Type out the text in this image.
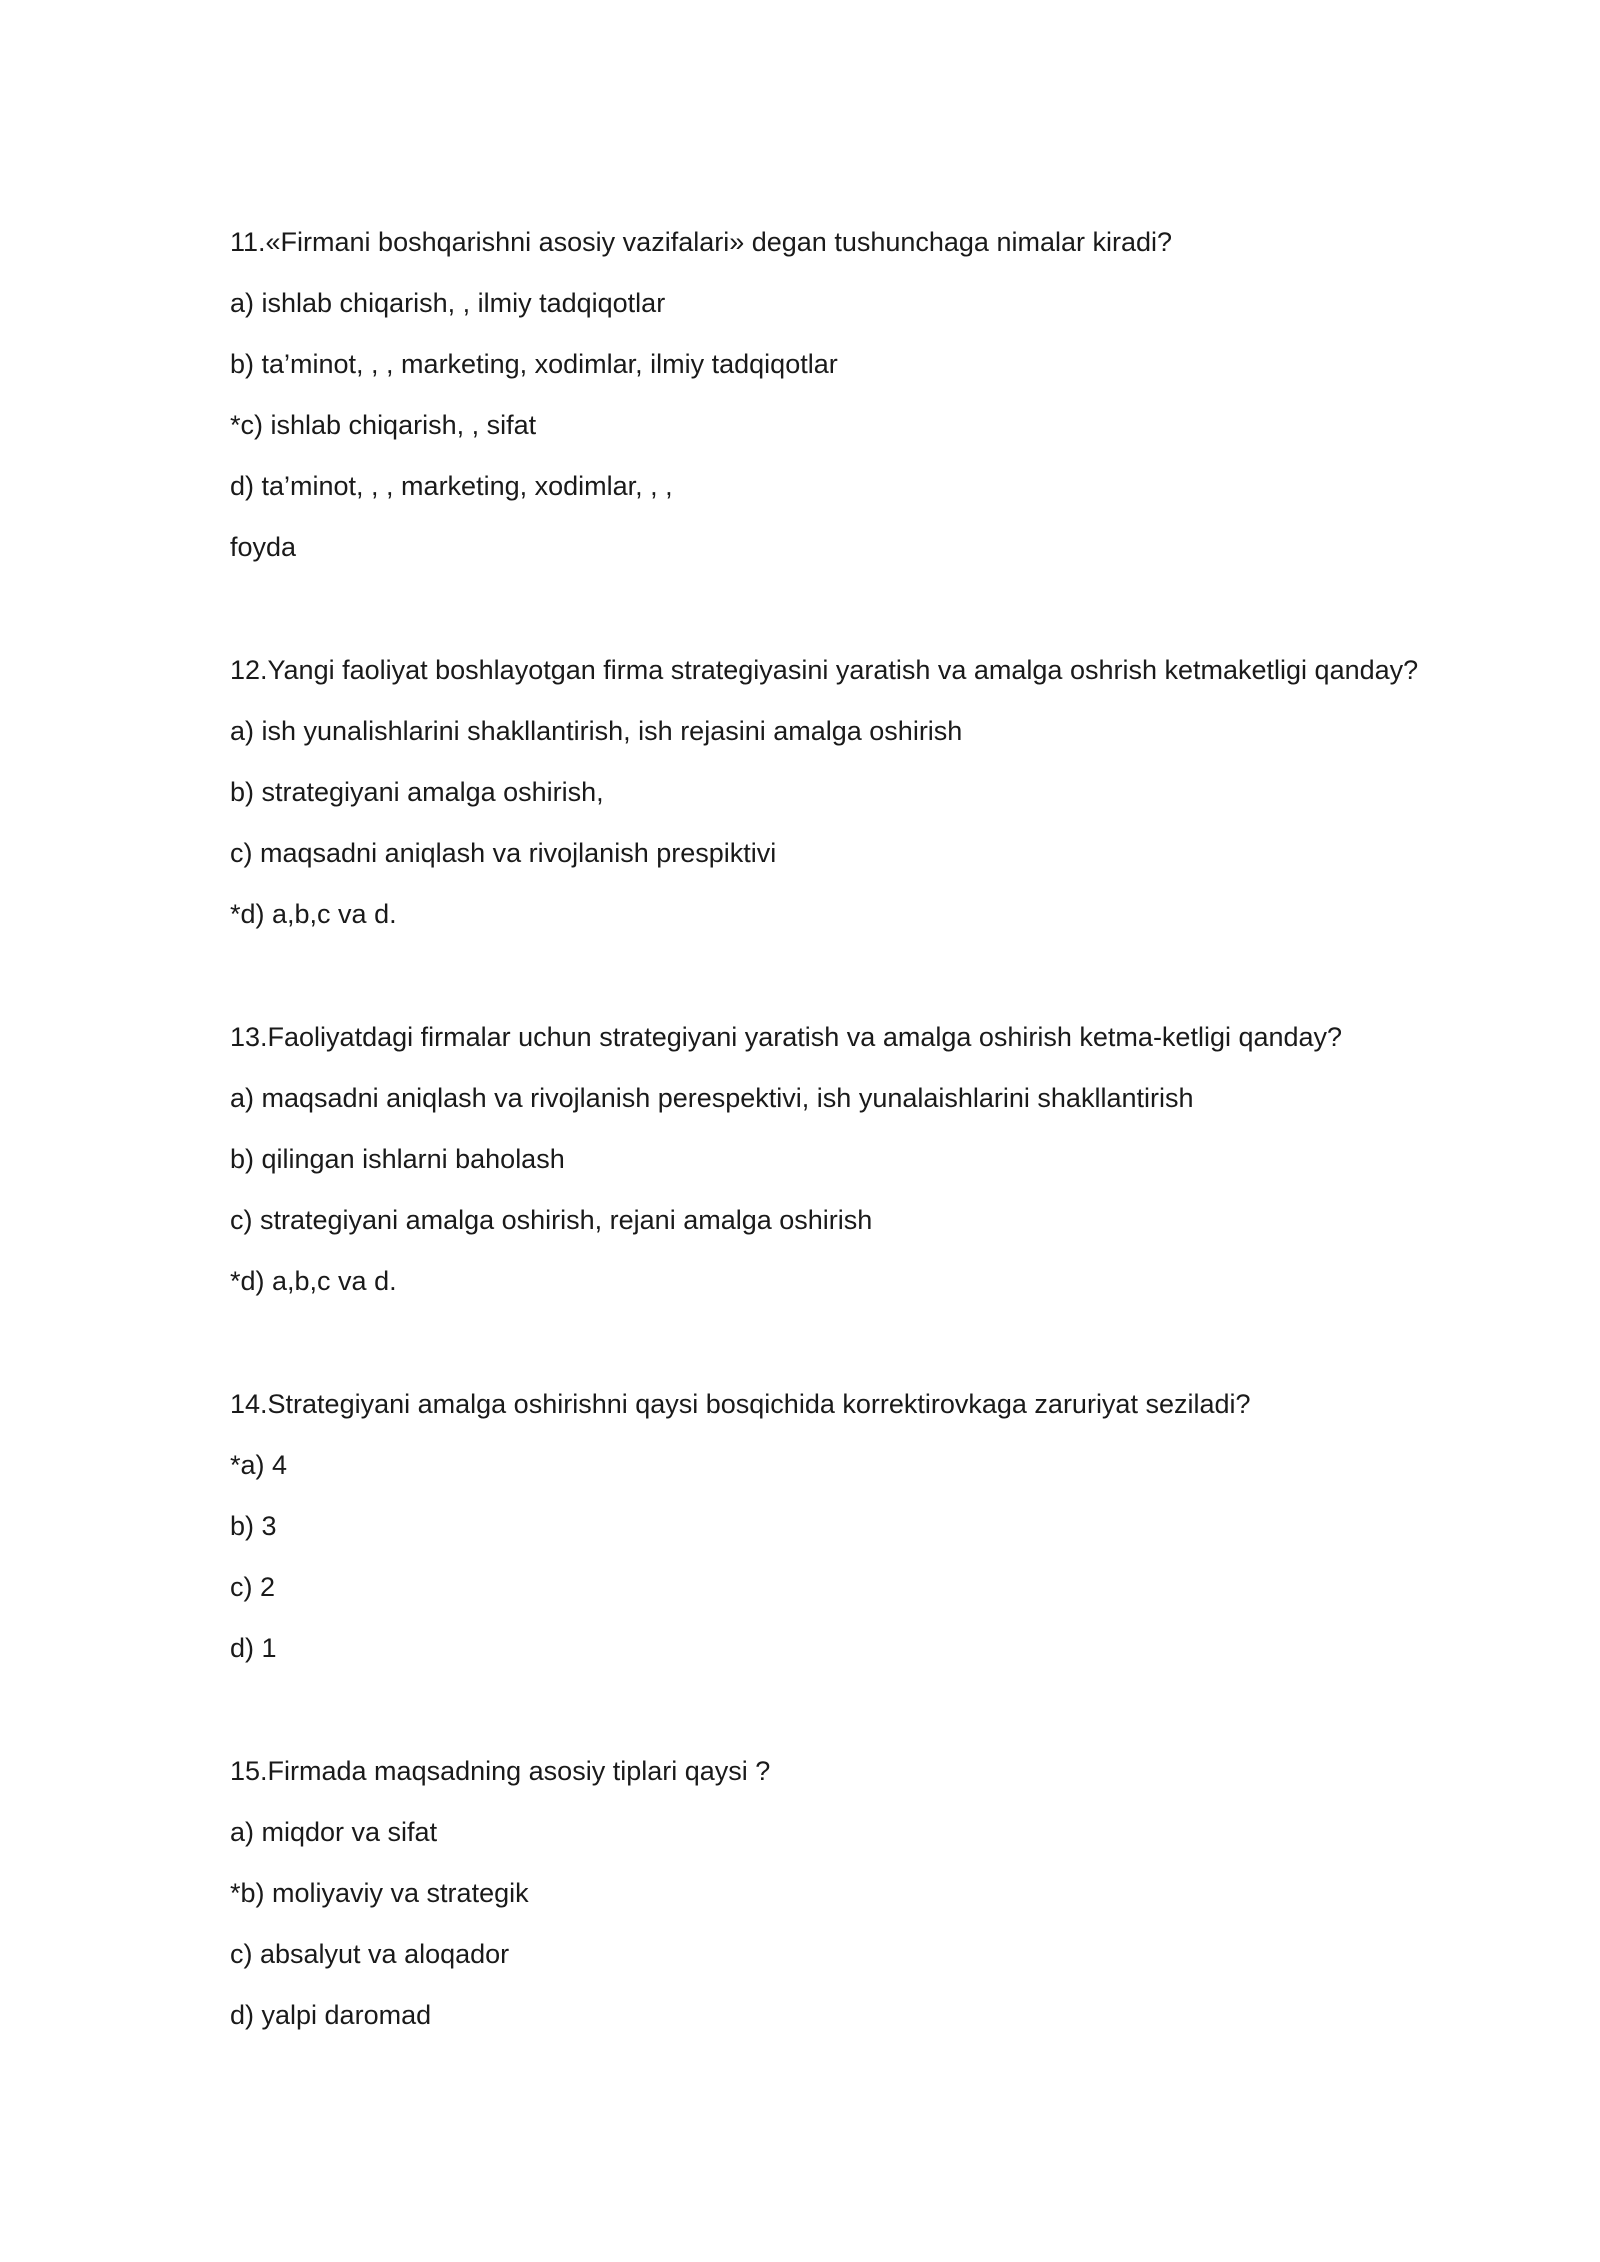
11.«Firmani boshqarishni asosiy vazifalari» degan tushunchaga nimalar kiradi?
a) ishlab chiqarish, , ilmiy tadqiqotlar
b) ta’minot, , , marketing, xodimlar, ilmiy tadqiqotlar
*c) ishlab chiqarish, , sifat
d) ta’minot, , , marketing, xodimlar, , ,
foyda
12.Yangi faoliyat boshlayotgan firma strategiyasini yaratish va amalga oshrish ketmaketligi qanday?
a) ish yunalishlarini shakllantirish, ish rejasini amalga oshirish
b) strategiyani amalga oshirish,
c) maqsadni aniqlash va rivojlanish prespiktivi
*d) a,b,c va d.
13.Faoliyatdagi firmalar uchun strategiyani yaratish va amalga oshirish ketma-ketligi qanday?
a) maqsadni aniqlash va rivojlanish perespektivi, ish yunalaishlarini shakllantirish
b) qilingan ishlarni baholash
c) strategiyani amalga oshirish, rejani amalga oshirish
*d) a,b,c va d.
14.Strategiyani amalga oshirishni qaysi bosqichida korrektirovkaga zaruriyat seziladi?
*a) 4
b) 3
c) 2
d) 1
15.Firmada maqsadning asosiy tiplari qaysi ?
a) miqdor va sifat
*b) moliyaviy va strategik
c) absalyut va aloqador
d) yalpi daromad
